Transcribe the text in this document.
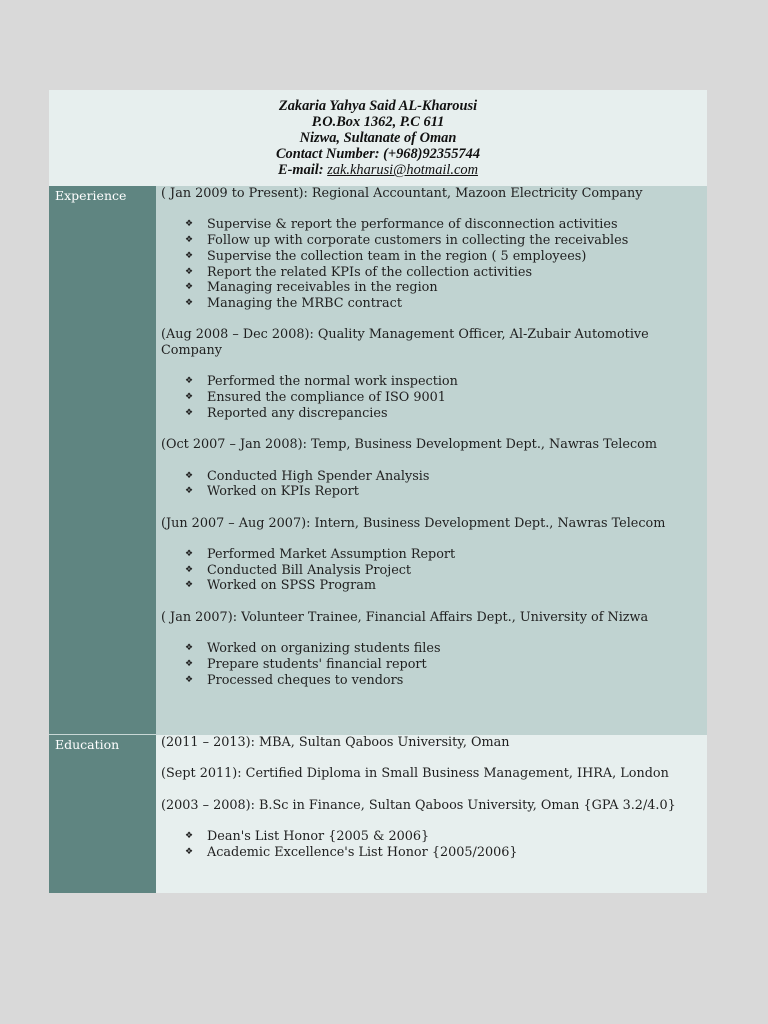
Zakaria Yahya Said AL-Kharousi
P.O.Box 1362, P.C 611
Nizwa, Sultanate of Oman
Contact Number: (+968)92355744
E-mail: zak.kharusi@hotmail.com
Experience	( Jan 2009 to Present): Regional Accountant, Mazoon Electricity Company
❖ Supervise & report the performance of disconnection activities
❖ Follow up with corporate customers in collecting the receivables
❖ Supervise the collection team in the region ( 5 employees)
❖ Report the related KPIs of the collection activities
❖ Managing receivables in the region
❖ Managing the MRBC contract
(Aug 2008 – Dec 2008): Quality Management Officer, Al-Zubair Automotive Company
❖ Performed the normal work inspection
❖ Ensured the compliance of ISO 9001
❖ Reported any discrepancies
(Oct 2007 – Jan 2008): Temp, Business Development Dept., Nawras Telecom
❖ Conducted High Spender Analysis
❖ Worked on KPIs Report
(Jun 2007 – Aug 2007): Intern, Business Development Dept., Nawras Telecom
❖ Performed Market Assumption Report
❖ Conducted Bill Analysis Project
❖ Worked on SPSS Program
( Jan 2007): Volunteer Trainee, Financial Affairs Dept., University of Nizwa
❖ Worked on organizing students files
❖ Prepare students' financial report
❖ Processed cheques to vendors
Education	(2011 – 2013): MBA, Sultan Qaboos University, Oman
(Sept 2011): Certified Diploma in Small Business Management, IHRA, London
(2003 – 2008): B.Sc in Finance, Sultan Qaboos University, Oman {GPA 3.2/4.0}
❖ Dean's List Honor {2005 & 2006}
❖ Academic Excellence's List Honor {2005/2006}
